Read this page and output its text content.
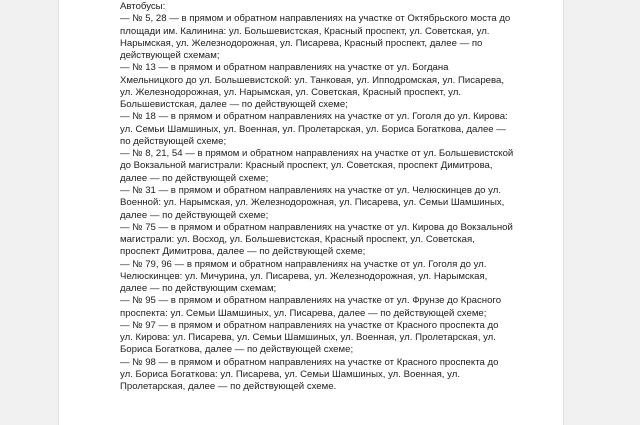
Автобусы:
— № 5, 28 — в прямом и обратном направлениях на участке от Октябрьского моста до
площади им. Калинина: ул. Большевистская, Красный проспект, ул. Советская, ул.
Нарымская, ул. Железнодорожная, ул. Писарева, Красный проспект, далее — по
действующей схемам;
— № 13 — в прямом и обратном направлениях на участке от ул. Богдана
Хмельницкого до ул. Большевистской: ул. Танковая, ул. Ипподромская, ул. Писарева,
ул. Железнодорожная, ул. Нарымская, ул. Советская, Красный проспект, ул.
Большевистская, далее — по действующей схеме;
— № 18 — в прямом и обратном направлениях на участке от ул. Гоголя до ул. Кирова:
ул. Семьи Шамшиных, ул. Военная, ул. Пролетарская, ул. Бориса Богаткова, далее —
по действующей схеме;
— № 8, 21, 54 — в прямом и обратном направлениях на участке от ул. Большевистской
до Вокзальной магистрали: Красный проспект, ул. Советская, проспект Димитрова,
далее — по действующей схеме;
— № 31 — в прямом и обратном направлениях на участке от ул. Челюскинцев до ул.
Военной: ул. Нарымская, ул. Железнодорожная, ул. Писарева, ул. Семьи Шамшиных,
далее — по действующей схеме;
— № 75 — в прямом и обратном направлениях на участке от ул. Кирова до Вокзальной
магистрали: ул. Восход, ул. Большевистская, Красный проспект, ул. Советская,
проспект Димитрова, далее — по действующей схеме;
— № 79, 96 — в прямом и обратном направлениях на участке от ул. Гоголя до ул.
Челюскинцев: ул. Мичурина, ул. Писарева, ул. Железнодорожная, ул. Нарымская,
далее — по действующим схемам;
— № 95 — в прямом и обратном направлениях на участке от ул. Фрунзе до Красного
проспекта: ул. Семьи Шамшиных, ул. Писарева, далее — по действующей схеме;
— № 97 — в прямом и обратном направлениях на участке от Красного проспекта до
ул. Кирова: ул. Писарева, ул. Семьи Шамшиных, ул. Военная, ул. Пролетарская, ул.
Бориса Богаткова, далее — по действующей схеме;
— № 98 — в прямом и обратном направлениях на участке от Красного проспекта до
ул. Бориса Богаткова: ул. Писарева, ул. Семьи Шамшиных, ул. Военная, ул.
Пролетарская, далее — по действующей схеме.
